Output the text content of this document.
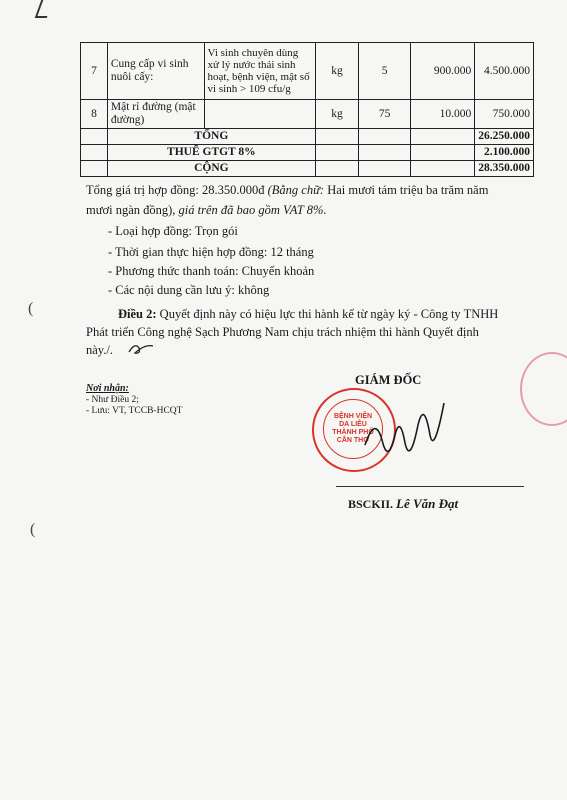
7	Cung cấp vi sinh nuôi cấy:	Vi sinh chuyên dùng xử lý nước thải sinh hoạt, bệnh viện, mật số vi sinh > 109 cfu/g	kg	5	900.000	4.500.000
8	Mật rỉ đường (mật đường)		kg	75	10.000	750.000
	TỔNG					26.250.000
	THUẾ GTGT 8%					2.100.000
	CỘNG					28.350.000
Tổng giá trị hợp đồng: 28.350.000đ (Bằng chữ: Hai mươi tám triệu ba trăm năm
mươi ngàn đồng), giá trên đã bao gồm VAT 8%.
- Loại hợp đồng: Trọn gói
- Thời gian thực hiện hợp đồng: 12 tháng
- Phương thức thanh toán: Chuyển khoản
- Các nội dung cần lưu ý: không
Điều 2: Quyết định này có hiệu lực thi hành kể từ ngày ký - Công ty TNHH
Phát triển Công nghệ Sạch Phương Nam chịu trách nhiệm thi hành Quyết định
này./.
(
(
Nơi nhận:
- Như Điều 2;
- Lưu: VT, TCCB-HCQT
GIÁM ĐỐC
BỆNH VIỆN
DA LIỄU
THÀNH PHỐ
CẦN THƠ
BSCKII. Lê Văn Đạt
